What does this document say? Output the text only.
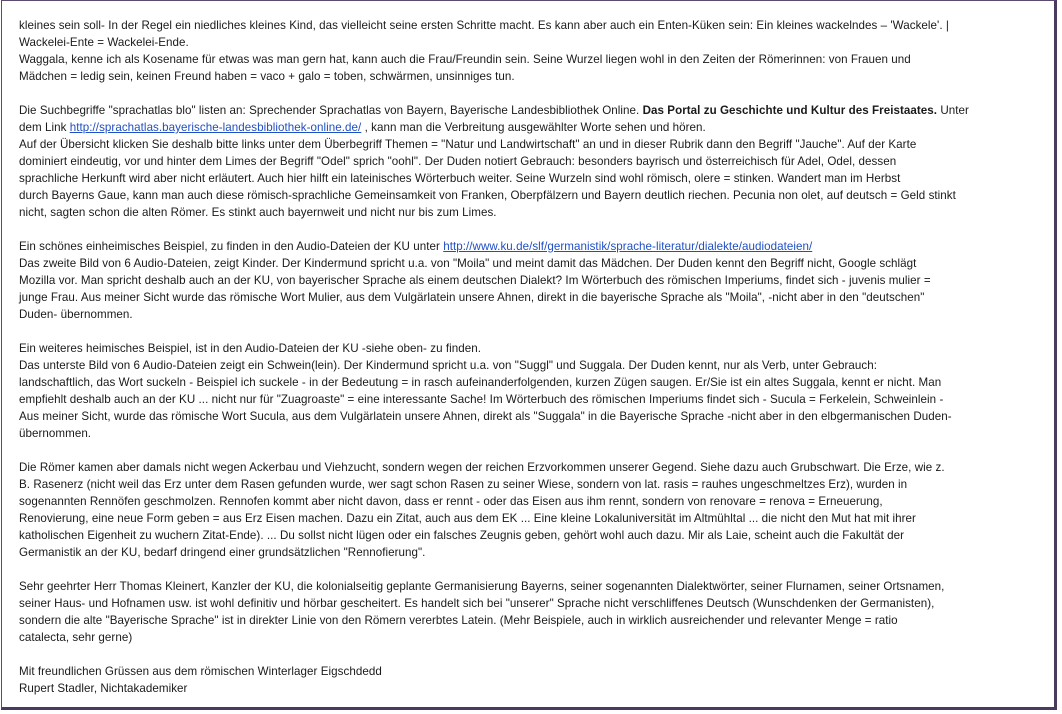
kleines sein soll- In der Regel ein niedliches kleines Kind, das vielleicht seine ersten Schritte macht. Es kann aber auch ein Enten-Küken sein: Ein kleines wackelndes – 'Wackele'. |
Wackelei-Ente = Wackelei-Ende.
Waggala, kenne ich als Kosename für etwas was man gern hat, kann auch die Frau/Freundin sein. Seine Wurzel liegen wohl in den Zeiten der Römerinnen: von Frauen und
Mädchen = ledig sein, keinen Freund haben = vaco + galo = toben, schwärmen, unsinniges tun.
Die Suchbegriffe "sprachatlas blo" listen an: Sprechender Sprachatlas von Bayern, Bayerische Landesbibliothek Online. Das Portal zu Geschichte und Kultur des Freistaates. Unter
dem Link http://sprachatlas.bayerische-landesbibliothek-online.de/ , kann man die Verbreitung ausgewählter Worte sehen und hören.
Auf der Übersicht klicken Sie deshalb bitte links unter dem Überbegriff Themen = "Natur und Landwirtschaft" an und in dieser Rubrik dann den Begriff "Jauche". Auf der Karte
dominiert eindeutig, vor und hinter dem Limes der Begriff "Odel" sprich "oohl". Der Duden notiert Gebrauch: besonders bayrisch und österreichisch für Adel, Odel, dessen
sprachliche Herkunft wird aber nicht erläutert. Auch hier hilft ein lateinisches Wörterbuch weiter. Seine Wurzeln sind wohl römisch, olere = stinken. Wandert man im Herbst
durch Bayerns Gaue, kann man auch diese römisch-sprachliche Gemeinsamkeit von Franken, Oberpfälzern und Bayern deutlich riechen. Pecunia non olet, auf deutsch = Geld stinkt
nicht, sagten schon die alten Römer. Es stinkt auch bayernweit und nicht nur bis zum Limes.
Ein schönes einheimisches Beispiel, zu finden in den Audio-Dateien der KU unter http://www.ku.de/slf/germanistik/sprache-literatur/dialekte/audiodateien/
Das zweite Bild von 6 Audio-Dateien, zeigt Kinder. Der Kindermund spricht u.a. von "Moila" und meint damit das Mädchen. Der Duden kennt den Begriff nicht, Google schlägt
Mozilla vor. Man spricht deshalb auch an der KU, von bayerischer Sprache als einem deutschen Dialekt? Im Wörterbuch des römischen Imperiums, findet sich - juvenis mulier =
junge Frau. Aus meiner Sicht wurde das römische Wort Mulier, aus dem Vulgärlatein unsere Ahnen, direkt in die bayerische Sprache als "Moila", -nicht aber in den "deutschen"
Duden- übernommen.
Ein weiteres heimisches Beispiel, ist in den Audio-Dateien der KU -siehe oben- zu finden.
Das unterste Bild von 6 Audio-Dateien zeigt ein Schwein(lein). Der Kindermund spricht u.a. von "Suggl" und Suggala. Der Duden kennt, nur als Verb, unter Gebrauch:
landschaftlich, das Wort suckeln - Beispiel ich suckele - in der Bedeutung = in rasch aufeinanderfolgenden, kurzen Zügen saugen. Er/Sie ist ein altes Suggala, kennt er nicht. Man
empfiehlt deshalb auch an der KU ... nicht nur für "Zuagroaste" = eine interessante Sache! Im Wörterbuch des römischen Imperiums findet sich - Sucula = Ferkelein, Schweinlein -
Aus meiner Sicht, wurde das römische Wort Sucula, aus dem Vulgärlatein unsere Ahnen, direkt als "Suggala" in die Bayerische Sprache -nicht aber in den elbgermanischen Duden-
übernommen.
Die Römer kamen aber damals nicht wegen Ackerbau und Viehzucht, sondern wegen der reichen Erzvorkommen unserer Gegend. Siehe dazu auch Grubschwart. Die Erze, wie z.
B. Rasenerz (nicht weil das Erz unter dem Rasen gefunden wurde, wer sagt schon Rasen zu seiner Wiese, sondern von lat. rasis = rauhes ungeschmeltzes Erz), wurden in
sogenannten Rennöfen geschmolzen. Rennofen kommt aber nicht davon, dass er rennt - oder das Eisen aus ihm rennt, sondern von renovare = renova = Erneuerung,
Renovierung, eine neue Form geben = aus Erz Eisen machen. Dazu ein Zitat, auch aus dem EK ... Eine kleine Lokaluniversität im Altmühltal ... die nicht den Mut hat mit ihrer
katholischen Eigenheit zu wuchern Zitat-Ende). ... Du sollst nicht lügen oder ein falsches Zeugnis geben, gehört wohl auch dazu. Mir als Laie, scheint auch die Fakultät der
Germanistik an der KU, bedarf dringend einer grundsätzlichen "Rennofierung".
Sehr geehrter Herr Thomas Kleinert, Kanzler der KU, die kolonialseitig geplante Germanisierung Bayerns, seiner sogenannten Dialektwörter, seiner Flurnamen, seiner Ortsnamen,
seiner Haus- und Hofnamen usw. ist wohl definitiv und hörbar gescheitert. Es handelt sich bei "unserer" Sprache nicht verschliffenes Deutsch (Wunschdenken der Germanisten),
sondern die alte "Bayerische Sprache" ist in direkter Linie von den Römern vererbtes Latein. (Mehr Beispiele, auch in wirklich ausreichender und relevanter Menge = ratio
catalecta, sehr gerne)
Mit freundlichen Grüssen aus dem römischen Winterlager Eigschdedd
Rupert Stadler, Nichtakademiker
